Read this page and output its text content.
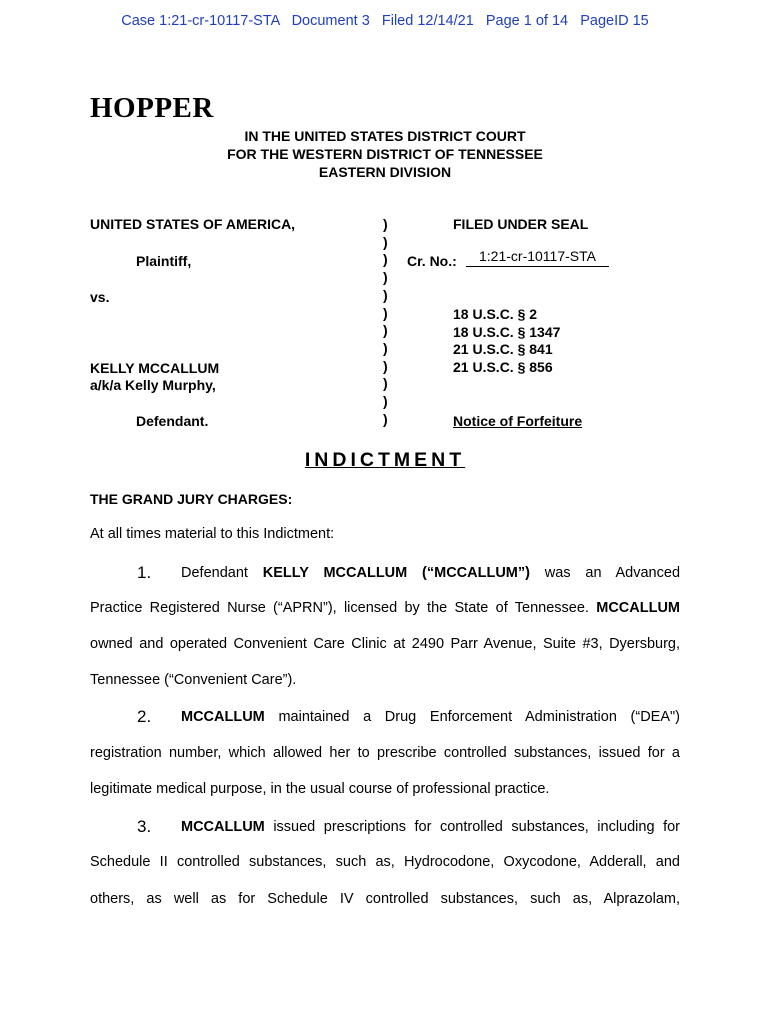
Case 1:21-cr-10117-STA Document 3 Filed 12/14/21 Page 1 of 14 PageID 15
HOPPER
IN THE UNITED STATES DISTRICT COURT
FOR THE WESTERN DISTRICT OF TENNESSEE
EASTERN DIVISION
UNITED STATES OF AMERICA,
Plaintiff,
vs.
KELLY MCCALLUM
a/k/a Kelly Murphy,
Defendant.
)
)
)
)
)
)
)
)
)
)
)
)
FILED UNDER SEAL
Cr. No.:	1:21-cr-10117-STA
18 U.S.C. § 2
18 U.S.C. § 1347
21 U.S.C. § 841
21 U.S.C. § 856
Notice of Forfeiture
INDICTMENT
THE GRAND JURY CHARGES:
At all times material to this Indictment:
1. Defendant KELLY MCCALLUM (“MCCALLUM”) was an Advanced
Practice Registered Nurse (“APRN”), licensed by the State of Tennessee. MCCALLUM
owned and operated Convenient Care Clinic at 2490 Parr Avenue, Suite #3, Dyersburg,
Tennessee (“Convenient Care”).
2. MCCALLUM maintained a Drug Enforcement Administration (“DEA")
registration number, which allowed her to prescribe controlled substances, issued for a
legitimate medical purpose, in the usual course of professional practice.
3. MCCALLUM issued prescriptions for controlled substances, including for
Schedule II controlled substances, such as, Hydrocodone, Oxycodone, Adderall, and
others, as well as for Schedule IV controlled substances, such as, Alprazolam,
